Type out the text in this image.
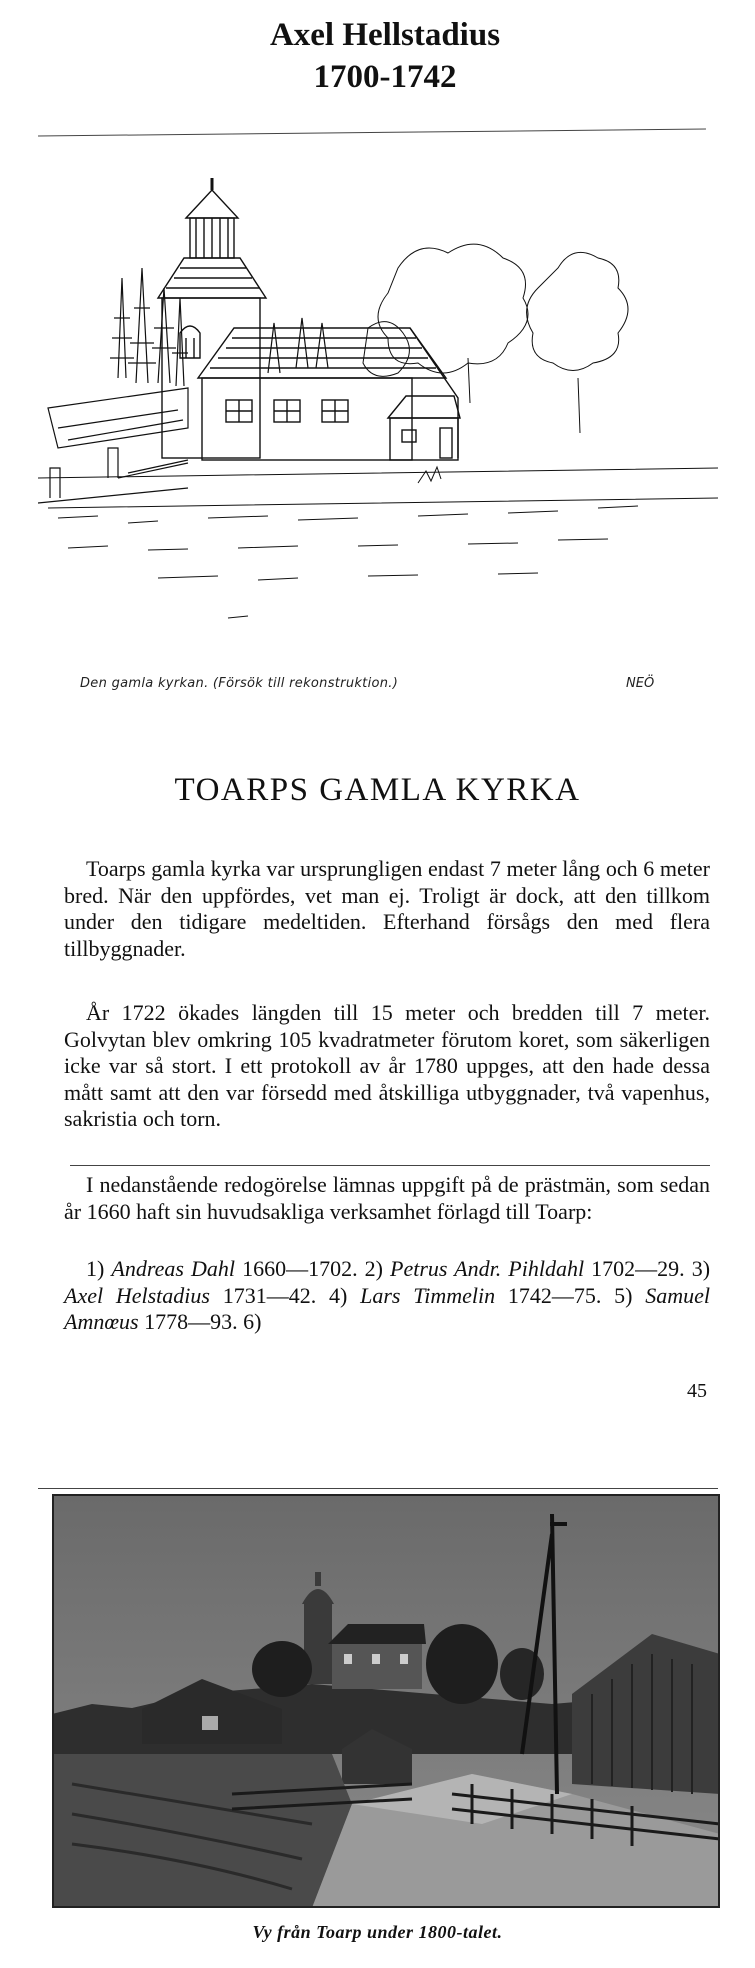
Axel Hellstadius
1700-1742
Den gamla kyrkan. (Försök till rekonstruktion.)	NEÖ
TOARPS GAMLA KYRKA
Toarps gamla kyrka var ursprungligen endast 7 meter lång och 6 meter bred. När den uppfördes, vet man ej. Troligt är dock, att den tillkom under den tidigare medeltiden. Efterhand försågs den med flera tillbyggnader.
År 1722 ökades längden till 15 meter och bredden till 7 meter. Golvytan blev omkring 105 kvadratmeter förutom koret, som säkerligen icke var så stort. I ett protokoll av år 1780 uppges, att den hade dessa mått samt att den var försedd med åtskilliga utbyggnader, två vapenhus, sakristia och torn.
I nedanstående redogörelse lämnas uppgift på de prästmän, som sedan år 1660 haft sin huvudsakliga verksamhet förlagd till Toarp:
1) Andreas Dahl 1660—1702. 2) Petrus Andr. Pihldahl 1702—29. 3) Axel Helstadius 1731—42. 4) Lars Timmelin 1742—75. 5) Samuel Amnœus 1778—93. 6)
45
Vy från Toarp under 1800-talet.
